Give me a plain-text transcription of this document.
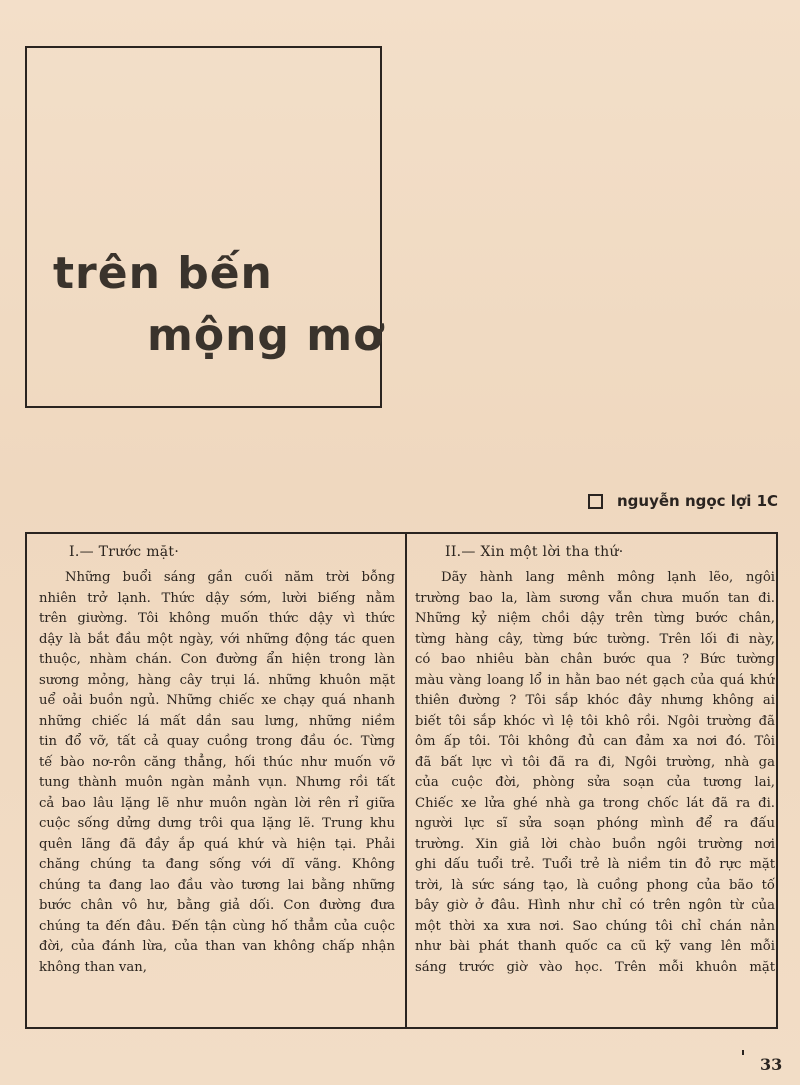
trên bến
mộng mơ
nguyễn ngọc lợi 1C
I.— Trước mặt·
Những buổi sáng gần cuối năm trời bỗng
nhiên trở lạnh. Thức dậy sớm, lười biếng nằm
trên giường. Tôi không muốn thức dậy vì thức
dậy là bắt đầu một ngày, với những động tác quen
thuộc, nhàm chán. Con đường ẩn hiện trong làn
sương mỏng, hàng cây trụi lá. những khuôn mặt
uể oải buồn ngủ. Những chiếc xe chạy quá nhanh
những chiếc lá mất dần sau lưng, những niềm
tin đổ vỡ, tất cả quay cuồng trong đầu óc. Từng
tế bào nơ-rôn căng thẳng, hối thúc như muốn vỡ
tung thành muôn ngàn mảnh vụn. Nhưng rồi tất
cả bao lâu lặng lẽ như muôn ngàn lời rên rỉ giữa
cuộc sống dửng dưng trôi qua lặng lẽ. Trung khu
quên lãng đã đầy ắp quá khứ và hiện tại. Phải
chăng chúng ta đang sống với dĩ vãng. Không
chúng ta đang lao đầu vào tương lai bằng những
bước chân vô hư, bằng giả dối. Con đường đưa
chúng ta đến đâu. Đến tận cùng hố thẳm của cuộc
đời, của đánh lừa, của than van không chấp nhận
không than van,
II.— Xin một lời tha thứ·
Dãy hành lang mênh mông lạnh lẽo, ngôi
trường bao la, làm sương vẫn chưa muốn tan đi.
Những kỷ niệm chồi dậy trên từng bước chân,
từng hàng cây, từng bức tường. Trên lối đi này,
có bao nhiêu bàn chân bước qua ? Bức tường
màu vàng loang lổ in hằn bao nét gạch của quá khứ
thiên đường ? Tôi sắp khóc đây nhưng không ai
biết tôi sắp khóc vì lệ tôi khô rồi. Ngôi trường đã
ôm ấp tôi. Tôi không đủ can đảm xa nơi đó. Tôi
đã bất lực vì tôi đã ra đi, Ngôi trường, nhà ga
của cuộc đời, phòng sửa soạn của tương lai,
Chiếc xe lửa ghé nhà ga trong chốc lát đã ra đi.
người lực sĩ sửa soạn phóng mình để ra đấu
trường. Xin giả lời chào buồn ngôi trường nơi
ghi dấu tuổi trẻ. Tuổi trẻ là niềm tin đỏ rực mặt
trời, là sức sáng tạo, là cuồng phong của bão tố
bây giờ ở đâu. Hình như chỉ có trên ngôn từ của
một thời xa xưa nơi. Sao chúng tôi chỉ chán nản
như bài phát thanh quốc ca cũ kỹ vang lên mỗi
sáng trước giờ vào học. Trên mỗi khuôn mặt
33
